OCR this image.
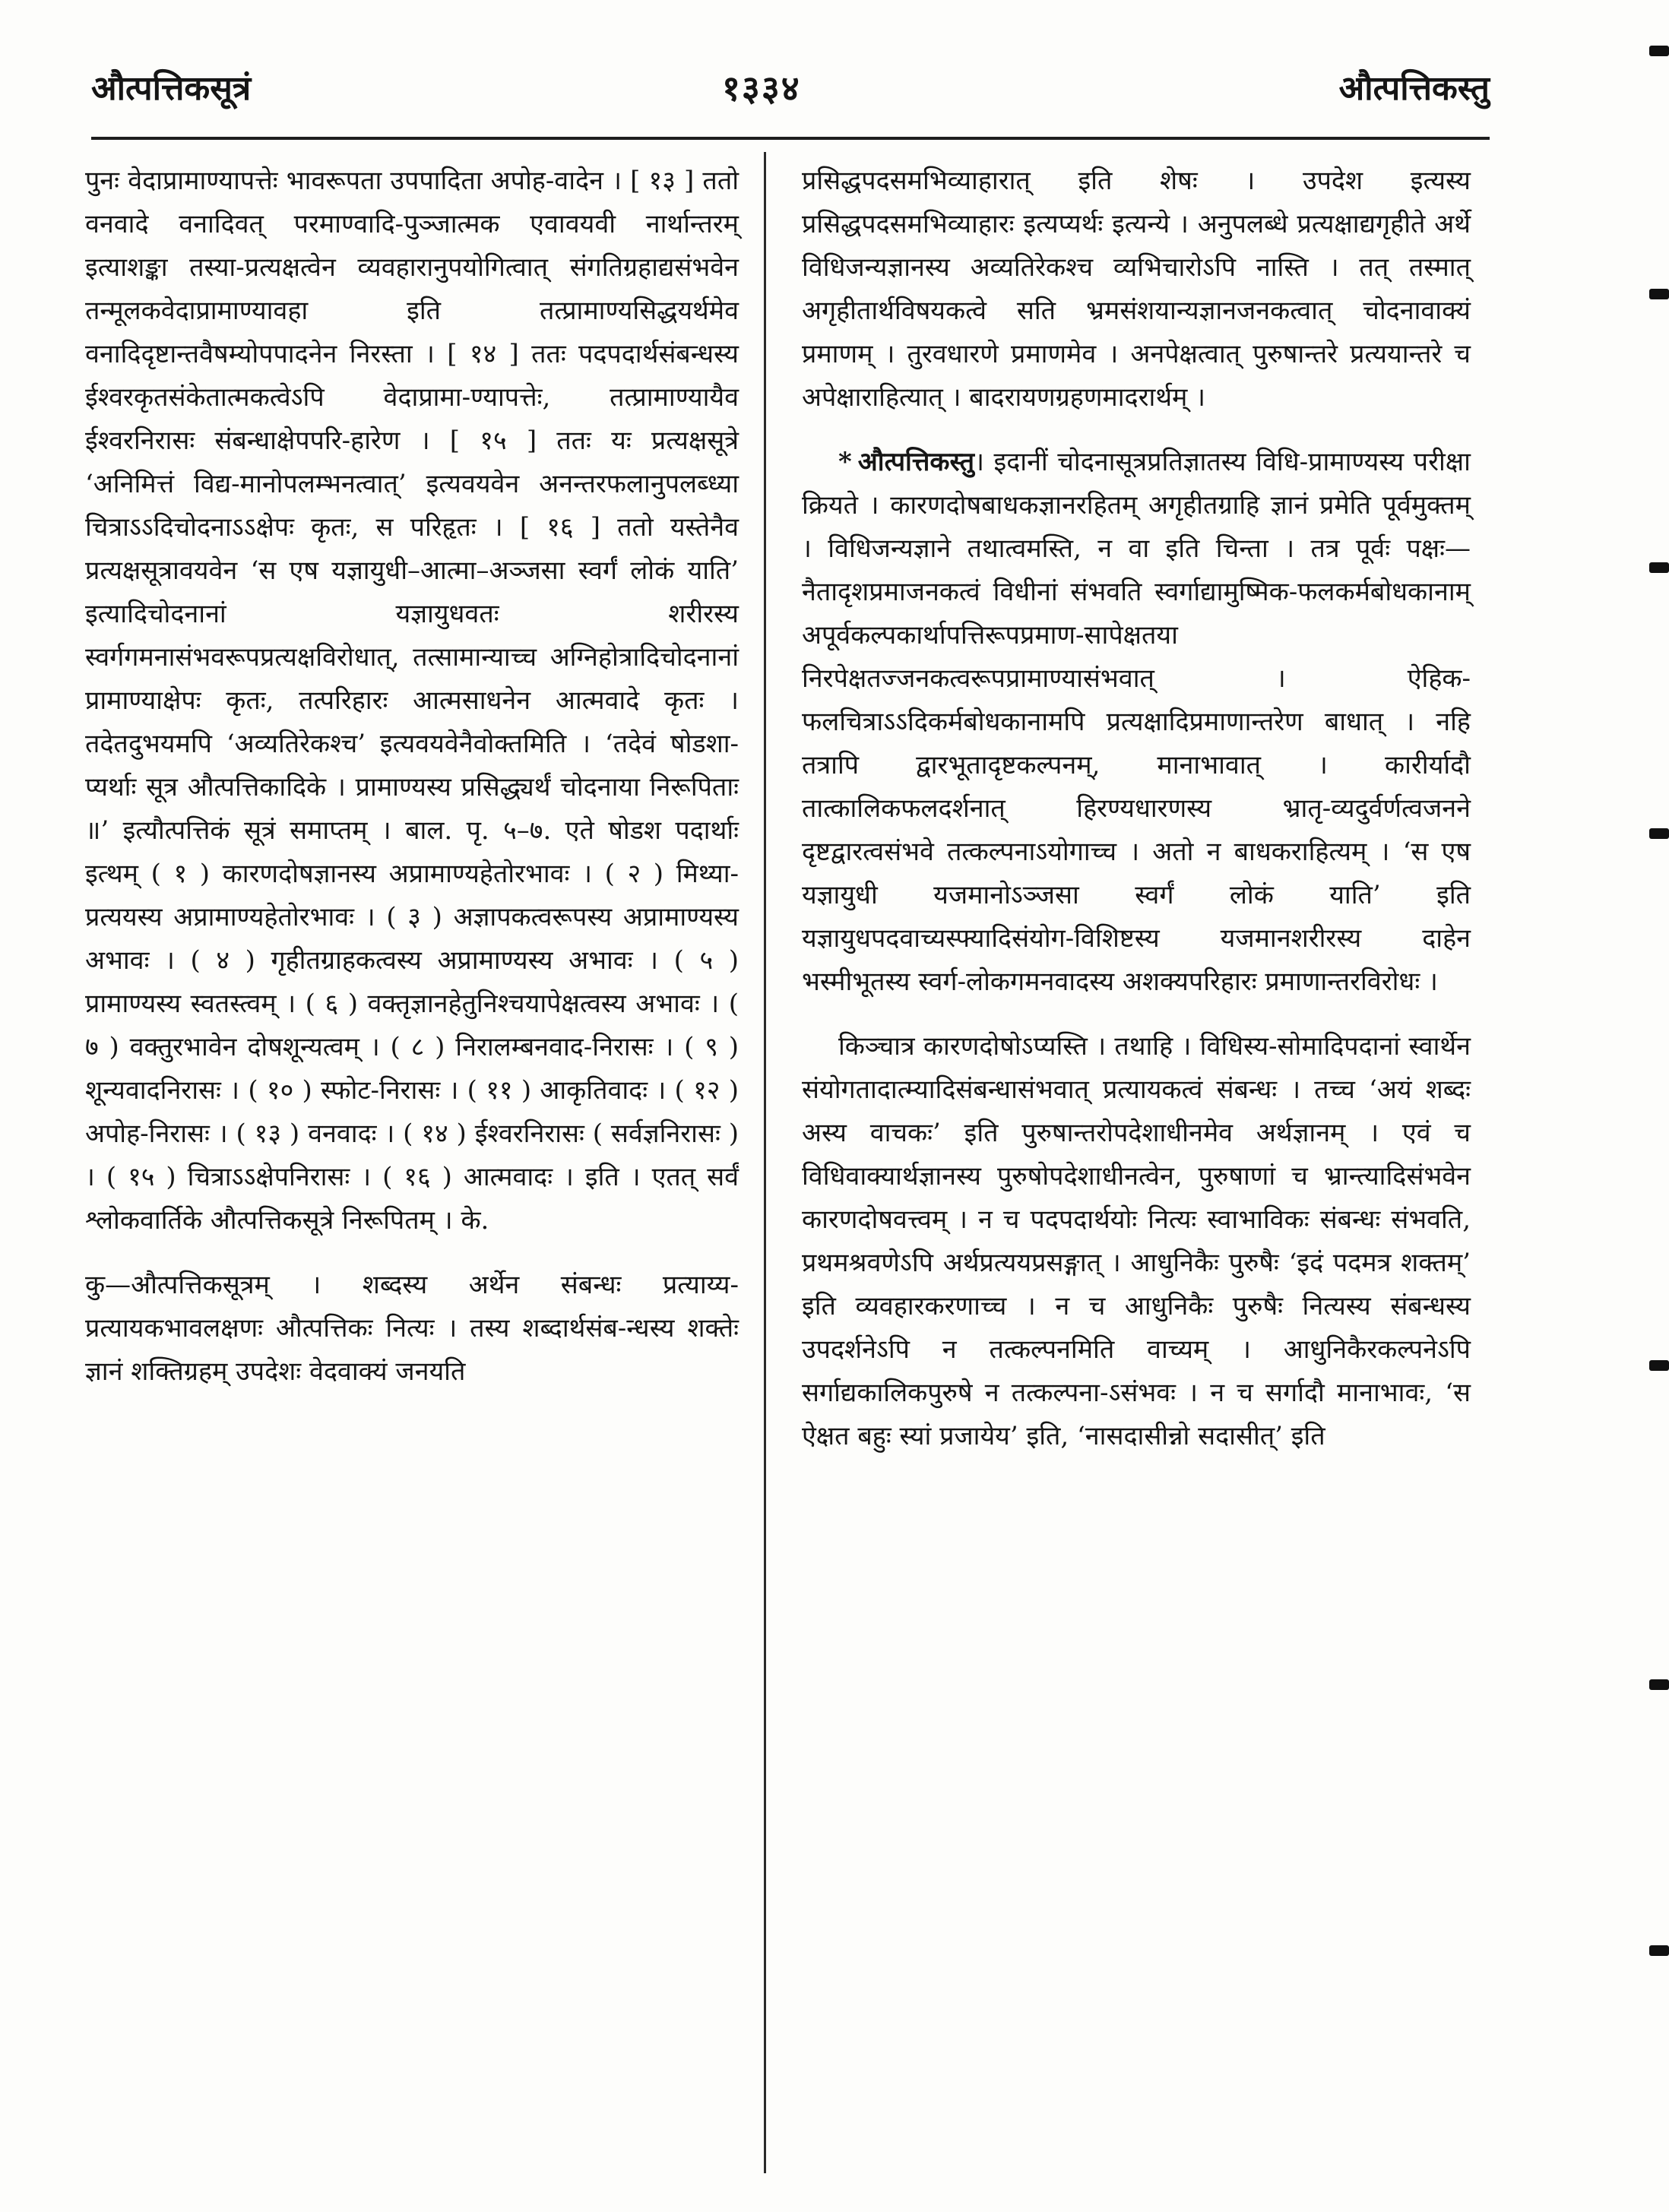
औत्पत्तिकसूत्रं	१३३४	औत्पत्तिकस्तु

पुनः वेदाप्रामाण्यापत्तेः भावरूपता उपपादिता अपोह-वादेन । [ १३ ] ततो वनवादे वनादिवत् परमाण्वादि-पुञ्जात्मक एवावयवी नार्थान्तरम् इत्याशङ्का तस्या-प्रत्यक्षत्वेन व्यवहारानुपयोगित्वात् संगतिग्रहाद्यसंभवेन तन्मूलकवेदाप्रामाण्यावहा इति तत्प्रामाण्यसिद्धयर्थमेव वनादिदृष्टान्तवैषम्योपपादनेन निरस्ता । [ १४ ] ततः पदपदार्थसंबन्धस्य ईश्वरकृतसंकेतात्मकत्वेऽपि वेदाप्रामा-ण्यापत्तेः, तत्प्रामाण्यायैव ईश्वरनिरासः संबन्धाक्षेपपरि-हारेण । [ १५ ] ततः यः प्रत्यक्षसूत्रे ‘अनिमित्तं विद्य-मानोपलम्भनत्वात्’ इत्यवयवेन अनन्तरफलानुपलब्ध्या चित्राऽऽदिचोदनाऽऽक्षेपः कृतः, स परिहृतः । [ १६ ] ततो यस्तेनैव प्रत्यक्षसूत्रावयवेन ‘स एष यज्ञायुधी–आत्मा–अञ्जसा स्वर्गं लोकं याति’ इत्यादिचोदनानां यज्ञायुधवतः शरीरस्य स्वर्गगमनासंभवरूपप्रत्यक्षविरोधात्, तत्सामान्याच्च अग्निहोत्रादिचोदनानां प्रामाण्याक्षेपः कृतः, तत्परिहारः आत्मसाधनेन आत्मवादे कृतः । तदेतदुभयमपि ‘अव्यतिरेकश्च’ इत्यवयवेनैवोक्तमिति । ‘तदेवं षोडशा-प्यर्थाः सूत्र औत्पत्तिकादिके । प्रामाण्यस्य प्रसिद्ध्यर्थं चोदनाया निरूपिताः ॥’ इत्यौत्पत्तिकं सूत्रं समाप्तम् । बाल. पृ. ५–७. एते षोडश पदार्थाः इत्थम् ( १ ) कारणदोषज्ञानस्य अप्रामाण्यहेतोरभावः । ( २ ) मिथ्या-प्रत्ययस्य अप्रामाण्यहेतोरभावः । ( ३ ) अज्ञापकत्वरूपस्य अप्रामाण्यस्य अभावः । ( ४ ) गृहीतग्राहकत्वस्य अप्रामाण्यस्य अभावः । ( ५ ) प्रामाण्यस्य स्वतस्त्वम् । ( ६ ) वक्तृज्ञानहेतुनिश्चयापेक्षत्वस्य अभावः । ( ७ ) वक्तुरभावेन दोषशून्यत्वम् । ( ८ ) निरालम्बनवाद-निरासः । ( ९ ) शून्यवादनिरासः । ( १० ) स्फोट-निरासः । ( ११ ) आकृतिवादः । ( १२ ) अपोह-निरासः । ( १३ ) वनवादः । ( १४ ) ईश्वरनिरासः ( सर्वज्ञनिरासः ) । ( १५ ) चित्राऽऽक्षेपनिरासः । ( १६ ) आत्मवादः । इति । एतत् सर्वं श्लोकवार्तिके औत्पत्तिकसूत्रे निरूपितम् । के.

कु—औत्पत्तिकसूत्रम् । शब्दस्य अर्थेन संबन्धः प्रत्याय्य-प्रत्यायकभावलक्षणः औत्पत्तिकः नित्यः । तस्य शब्दार्थसंब-न्धस्य शक्तेः ज्ञानं शक्तिग्रहम् उपदेशः वेदवाक्यं जनयति

प्रसिद्धपदसमभिव्याहारात् इति शेषः । उपदेश इत्यस्य प्रसिद्धपदसमभिव्याहारः इत्यप्यर्थः इत्यन्ये । अनुपलब्धे प्रत्यक्षाद्यगृहीते अर्थे विधिजन्यज्ञानस्य अव्यतिरेकश्च व्यभिचारोऽपि नास्ति । तत् तस्मात् अगृहीतार्थविषयकत्वे सति भ्रमसंशयान्यज्ञानजनकत्वात् चोदनावाक्यं प्रमाणम् । तुरवधारणे प्रमाणमेव । अनपेक्षत्वात् पुरुषान्तरे प्रत्ययान्तरे च अपेक्षाराहित्यात् । बादरायणग्रहणमादरार्थम् ।

* औत्पत्तिकस्तु। इदानीं चोदनासूत्रप्रतिज्ञातस्य विधि-प्रामाण्यस्य परीक्षा क्रियते । कारणदोषबाधकज्ञानरहितम् अगृहीतग्राहि ज्ञानं प्रमेति पूर्वमुक्तम् । विधिजन्यज्ञाने तथात्वमस्ति, न वा इति चिन्ता । तत्र पूर्वः पक्षः— नैतादृशप्रमाजनकत्वं विधीनां संभवति स्वर्गाद्यामुष्मिक-फलकर्मबोधकानाम् अपूर्वकल्पकार्थापत्तिरूपप्रमाण-सापेक्षतया निरपेक्षतज्जनकत्वरूपप्रामाण्यासंभवात् । ऐहिक-फलचित्राऽऽदिकर्मबोधकानामपि प्रत्यक्षादिप्रमाणान्तरेण बाधात् । नहि तत्रापि द्वारभूतादृष्टकल्पनम्, मानाभावात् । कारीर्यादौ तात्कालिकफलदर्शनात् हिरण्यधारणस्य भ्रातृ-व्यदुर्वर्णत्वजनने दृष्टद्वारत्वसंभवे तत्कल्पनाऽयोगाच्च । अतो न बाधकराहित्यम् । ‘स एष यज्ञायुधी यजमानोऽञ्जसा स्वर्गं लोकं याति’ इति यज्ञायुधपदवाच्यस्फ्यादिसंयोग-विशिष्टस्य यजमानशरीरस्य दाहेन भस्मीभूतस्य स्वर्ग-लोकगमनवादस्य अशक्यपरिहारः प्रमाणान्तरविरोधः ।

किञ्चात्र कारणदोषोऽप्यस्ति । तथाहि । विधिस्य-सोमादिपदानां स्वार्थेन संयोगतादात्म्यादिसंबन्धासंभवात् प्रत्यायकत्वं संबन्धः । तच्च ‘अयं शब्दः अस्य वाचकः’ इति पुरुषान्तरोपदेशाधीनमेव अर्थज्ञानम् । एवं च विधिवाक्यार्थज्ञानस्य पुरुषोपदेशाधीनत्वेन, पुरुषाणां च भ्रान्त्यादिसंभवेन कारणदोषवत्त्वम् । न च पदपदार्थयोः नित्यः स्वाभाविकः संबन्धः संभवति, प्रथमश्रवणेऽपि अर्थप्रत्ययप्रसङ्गात् । आधुनिकैः पुरुषैः ‘इदं पदमत्र शक्तम्’ इति व्यवहारकरणाच्च । न च आधुनिकैः पुरुषैः नित्यस्य संबन्धस्य उपदर्शनेऽपि न तत्कल्पनमिति वाच्यम् । आधुनिकैरकल्पनेऽपि सर्गाद्यकालिकपुरुषे न तत्कल्पना-ऽसंभवः । न च सर्गादौ मानाभावः, ‘स ऐक्षत बहुः स्यां प्रजायेय’ इति, ‘नासदासीन्नो सदासीत्’ इति
